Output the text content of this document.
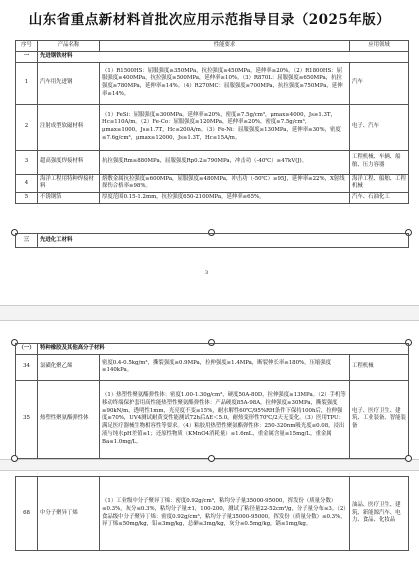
山东省重点新材料首批次应用示范指导目录（2025年版）
序号	产品名称	性能要求	应用领域
一	先进钢铁材料		
1	汽车用先进钢	（1）R1500HS：屈服强度≥350MPa，抗拉强度≥450MPa，延伸率≥20%。（2）R1800HS：屈服强度≥400MPa，抗拉强度≥500MPa，延伸率≥10%。（3）R870L：屈服强度≥650MPa，抗拉强度≥780MPa，延伸率≥14%。（4）R270MC：屈服强度≥700MPa，抗拉强度≥750MPa，延伸率≥14%。	汽车
2	注射成型软磁材料	（1）FeSi：屈服强度≥300MPa，延伸率≥20%，密度≥7.5g/cm³，μmax≥4000，Js≥1.3T，Hc≤110A/m。（2）Fe-Co：屈服强度≥120MPa，延伸率≥20%，密度≥7.5g/cm³，μmax≥1000，Js≥1.7T，Hc≤200A/m。（3）Fe-Ni：屈服强度≥130MPa，延伸率≥30%，密度≥7.6g/cm³，μmax≥12000，Js≥1.3T，Hc≤15A/m。	电子、汽车
3	超高强度焊接材料	抗拉强度Rm≥880MPa，屈服强度Rp0.2≥790MPa，冲击功（-40℃）≥47kV(J)。	工程机械、车辆、船舶、压力容器
4	海洋工程用特种焊接材料	熔敷金属抗拉强度≥600MPa，屈服强度≥480MPa，冲击功（-50℃）≥95J，延伸率≥22%，X射线探伤合格率≥98%。	海洋工程、船舶、工程机械
5	不锈钢箔	厚度范围0.15-1.2mm，抗拉强度650-2100MPa，延伸率≥65%。	汽车、石油化工
三	先进化工材料
3
（一）	特种橡胶及其他高分子材料		
34	氯磺化聚乙烯	密度0.4-0.5kg/m³，撕裂强度≥0.9MPa，拉伸强度≥1.4MPa，断裂伸长率≥180%，压缩强度≥140kPa。	工程机械
35	热塑性聚氨酯弹性体	（1）热塑性聚氨酯弹性体：密度1.00-1.30g/cm³，硬度50A-80D，拉伸强度≥13MPa。（2）手机等移动终端保护套用高性能热塑性聚氨酯弹性体：产品硬度85A-98A，拉伸强度≥30MPa，撕裂强度≥90kN/m，透明性1mm，光亮度不变≤15%，耐水解性60℃/95%RH条件下保持100h后，拉伸强度≥70%，UV4测试耐黄变性能测试72h后ΔE＜5.0，耐热变形性70℃/2天无变化。（3）医用TPU：满足医疗器械生物相容性等要求。（4）粘胶用热塑性聚氨酯弹性体：250-320nm吸光度≤0.08，浸出液与纯水pH差值≤1；还原性物质（KMnO4消耗量）≤1.6mL，重金属含量≤15mg/L，重金属Ba≤1.0mg/L。	电子、医疗卫生、建筑、工业装备、智能装备
68	中分子聚异丁烯	（1）工业级中分子聚异丁烯：密度0.92g/cm³，粘均分子量35000-95000，挥发份（质量分数）≤0.3%，灰分≤0.3%，粘均分子量±1，100-200，测试了粘径量22-52cm³/g，分子量分布≤3。（2）食品级中分子聚异丁烯：密度0.92g/cm³，粘均分子量35000-95000，挥发份（质量分数）≤0.3%，异丁烯≤50mg/kg，铅≤3mg/kg，总砷≤3mg/kg，灰分≤0.5mg/kg，镉≤1mg/kg。	油品、医疗卫生、建筑、新能源汽车、电力、食品、化妆品
